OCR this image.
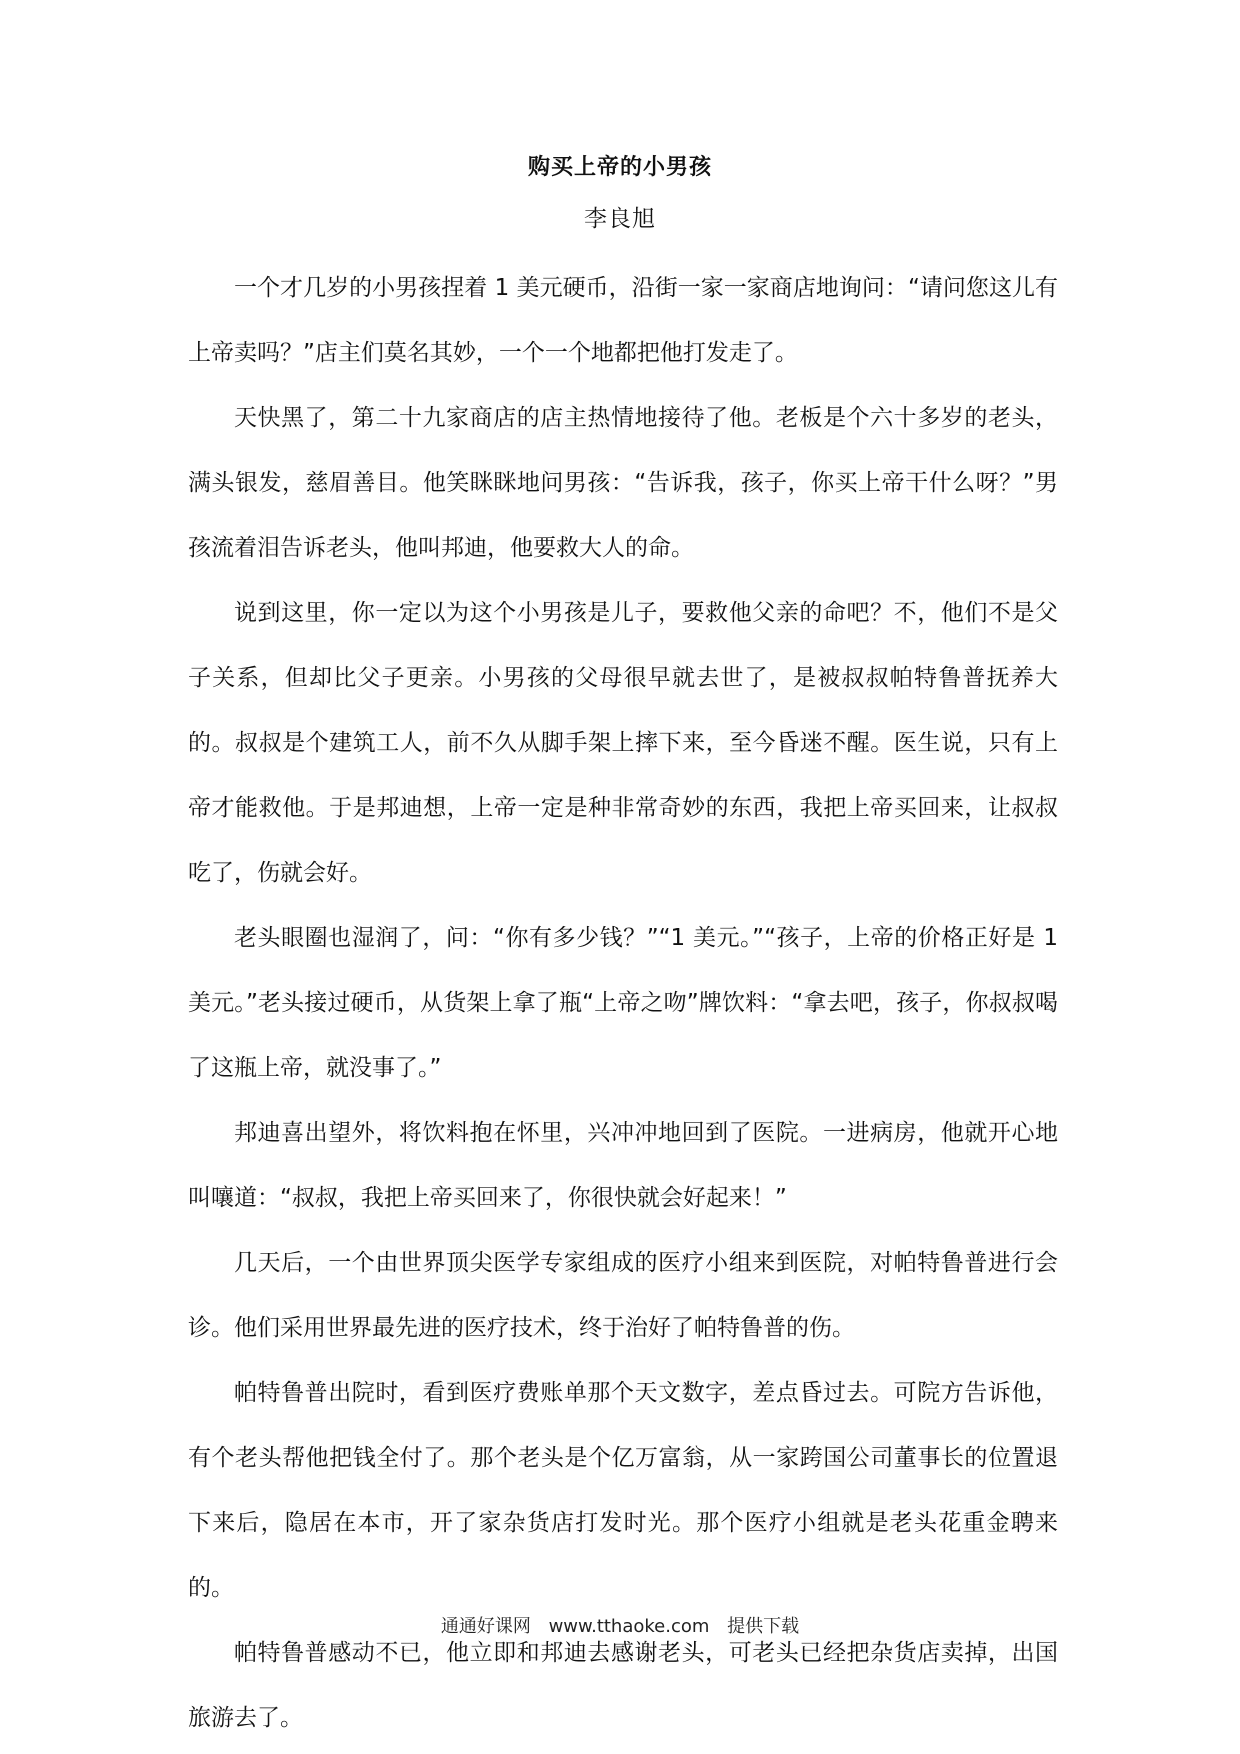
购买上帝的小男孩
李良旭

一个才几岁的小男孩捏着 1 美元硬币，沿街一家一家商店地询问：“请问您这儿有上帝卖吗？”店主们莫名其妙，一个一个地都把他打发走了。

天快黑了，第二十九家商店的店主热情地接待了他。老板是个六十多岁的老头，满头银发，慈眉善目。他笑眯眯地问男孩：“告诉我，孩子，你买上帝干什么呀？”男孩流着泪告诉老头，他叫邦迪，他要救大人的命。

说到这里，你一定以为这个小男孩是儿子，要救他父亲的命吧？不，他们不是父子关系，但却比父子更亲。小男孩的父母很早就去世了，是被叔叔帕特鲁普抚养大的。叔叔是个建筑工人，前不久从脚手架上摔下来，至今昏迷不醒。医生说，只有上帝才能救他。于是邦迪想，上帝一定是种非常奇妙的东西，我把上帝买回来，让叔叔吃了，伤就会好。

老头眼圈也湿润了，问：“你有多少钱？”“1 美元。”“孩子，上帝的价格正好是 1 美元。”老头接过硬币，从货架上拿了瓶“上帝之吻”牌饮料：“拿去吧，孩子，你叔叔喝了这瓶上帝，就没事了。”

邦迪喜出望外，将饮料抱在怀里，兴冲冲地回到了医院。一进病房，他就开心地叫嚷道：“叔叔，我把上帝买回来了，你很快就会好起来！”

几天后，一个由世界顶尖医学专家组成的医疗小组来到医院，对帕特鲁普进行会诊。他们采用世界最先进的医疗技术，终于治好了帕特鲁普的伤。

帕特鲁普出院时，看到医疗费账单那个天文数字，差点昏过去。可院方告诉他，有个老头帮他把钱全付了。那个老头是个亿万富翁，从一家跨国公司董事长的位置退下来后，隐居在本市，开了家杂货店打发时光。那个医疗小组就是老头花重金聘来的。

帕特鲁普感动不已，他立即和邦迪去感谢老头，可老头已经把杂货店卖掉，出国旅游去了。

通通好课网 www.tthaoke.com 提供下载
